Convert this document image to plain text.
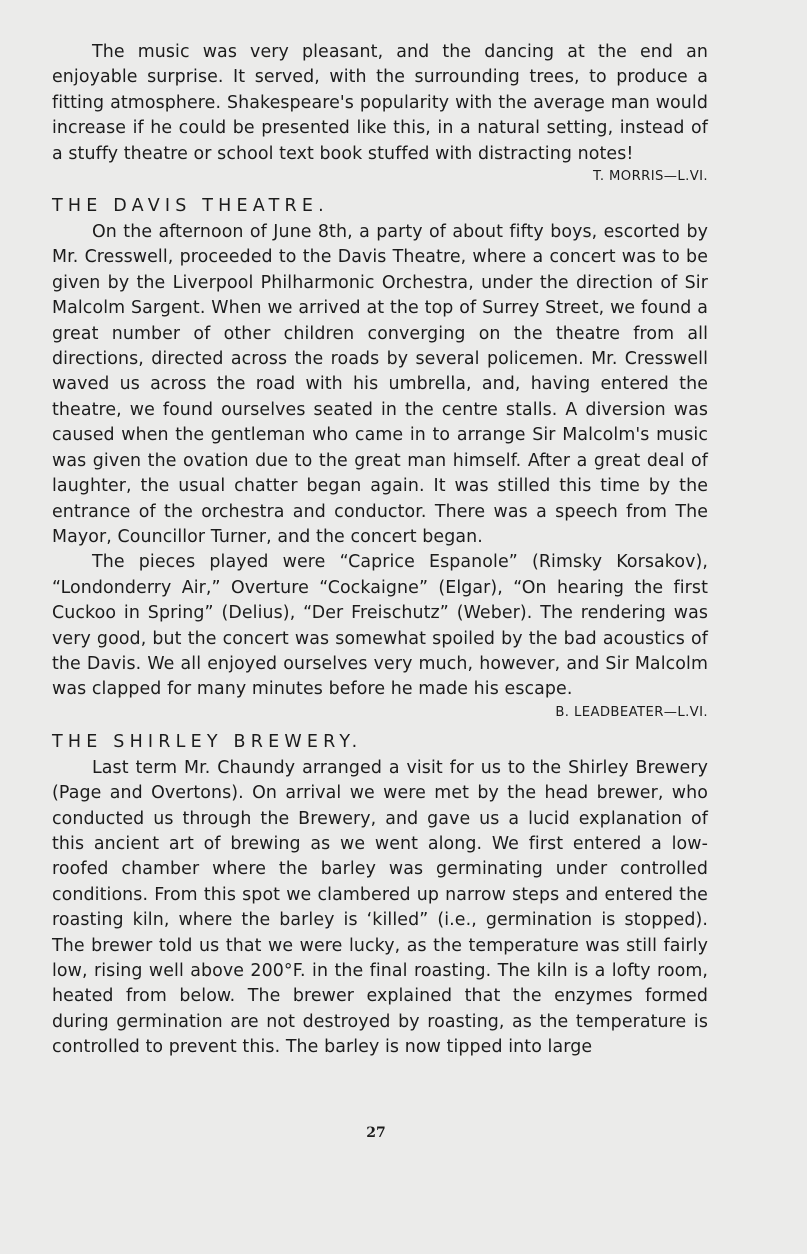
The music was very pleasant, and the dancing at the end an enjoyable surprise. It served, with the surrounding trees, to produce a fitting atmosphere. Shakespeare's popularity with the average man would increase if he could be presented like this, in a natural setting, instead of a stuffy theatre or school text book stuffed with distracting notes!

T. MORRIS—L.VI.

THE DAVIS THEATRE.

On the afternoon of June 8th, a party of about fifty boys, escorted by Mr. Cresswell, proceeded to the Davis Theatre, where a concert was to be given by the Liverpool Philharmonic Orchestra, under the direction of Sir Malcolm Sargent. When we arrived at the top of Surrey Street, we found a great number of other children converging on the theatre from all directions, directed across the roads by several policemen. Mr. Cresswell waved us across the road with his umbrella, and, having entered the theatre, we found ourselves seated in the centre stalls. A diversion was caused when the gentleman who came in to arrange Sir Malcolm's music was given the ovation due to the great man himself. After a great deal of laughter, the usual chatter began again. It was stilled this time by the entrance of the orchestra and conductor. There was a speech from The Mayor, Councillor Turner, and the concert began.

The pieces played were “Caprice Espanole” (Rimsky Korsakov), “Londonderry Air,” Overture “Cockaigne” (Elgar), “On hearing the first Cuckoo in Spring” (Delius), “Der Freischutz” (Weber). The rendering was very good, but the concert was somewhat spoiled by the bad acoustics of the Davis. We all enjoyed ourselves very much, however, and Sir Malcolm was clapped for many minutes before he made his escape.

B. LEADBEATER—L.VI.

THE SHIRLEY BREWERY.

Last term Mr. Chaundy arranged a visit for us to the Shirley Brewery (Page and Overtons). On arrival we were met by the head brewer, who conducted us through the Brewery, and gave us a lucid explanation of this ancient art of brewing as we went along. We first entered a low-roofed chamber where the barley was germinating under controlled conditions. From this spot we clambered up narrow steps and entered the roasting kiln, where the barley is ‘killed” (i.e., germination is stopped). The brewer told us that we were lucky, as the temperature was still fairly low, rising well above 200°F. in the final roasting. The kiln is a lofty room, heated from below. The brewer explained that the enzymes formed during germination are not destroyed by roasting, as the temperature is controlled to prevent this. The barley is now tipped into large

27
